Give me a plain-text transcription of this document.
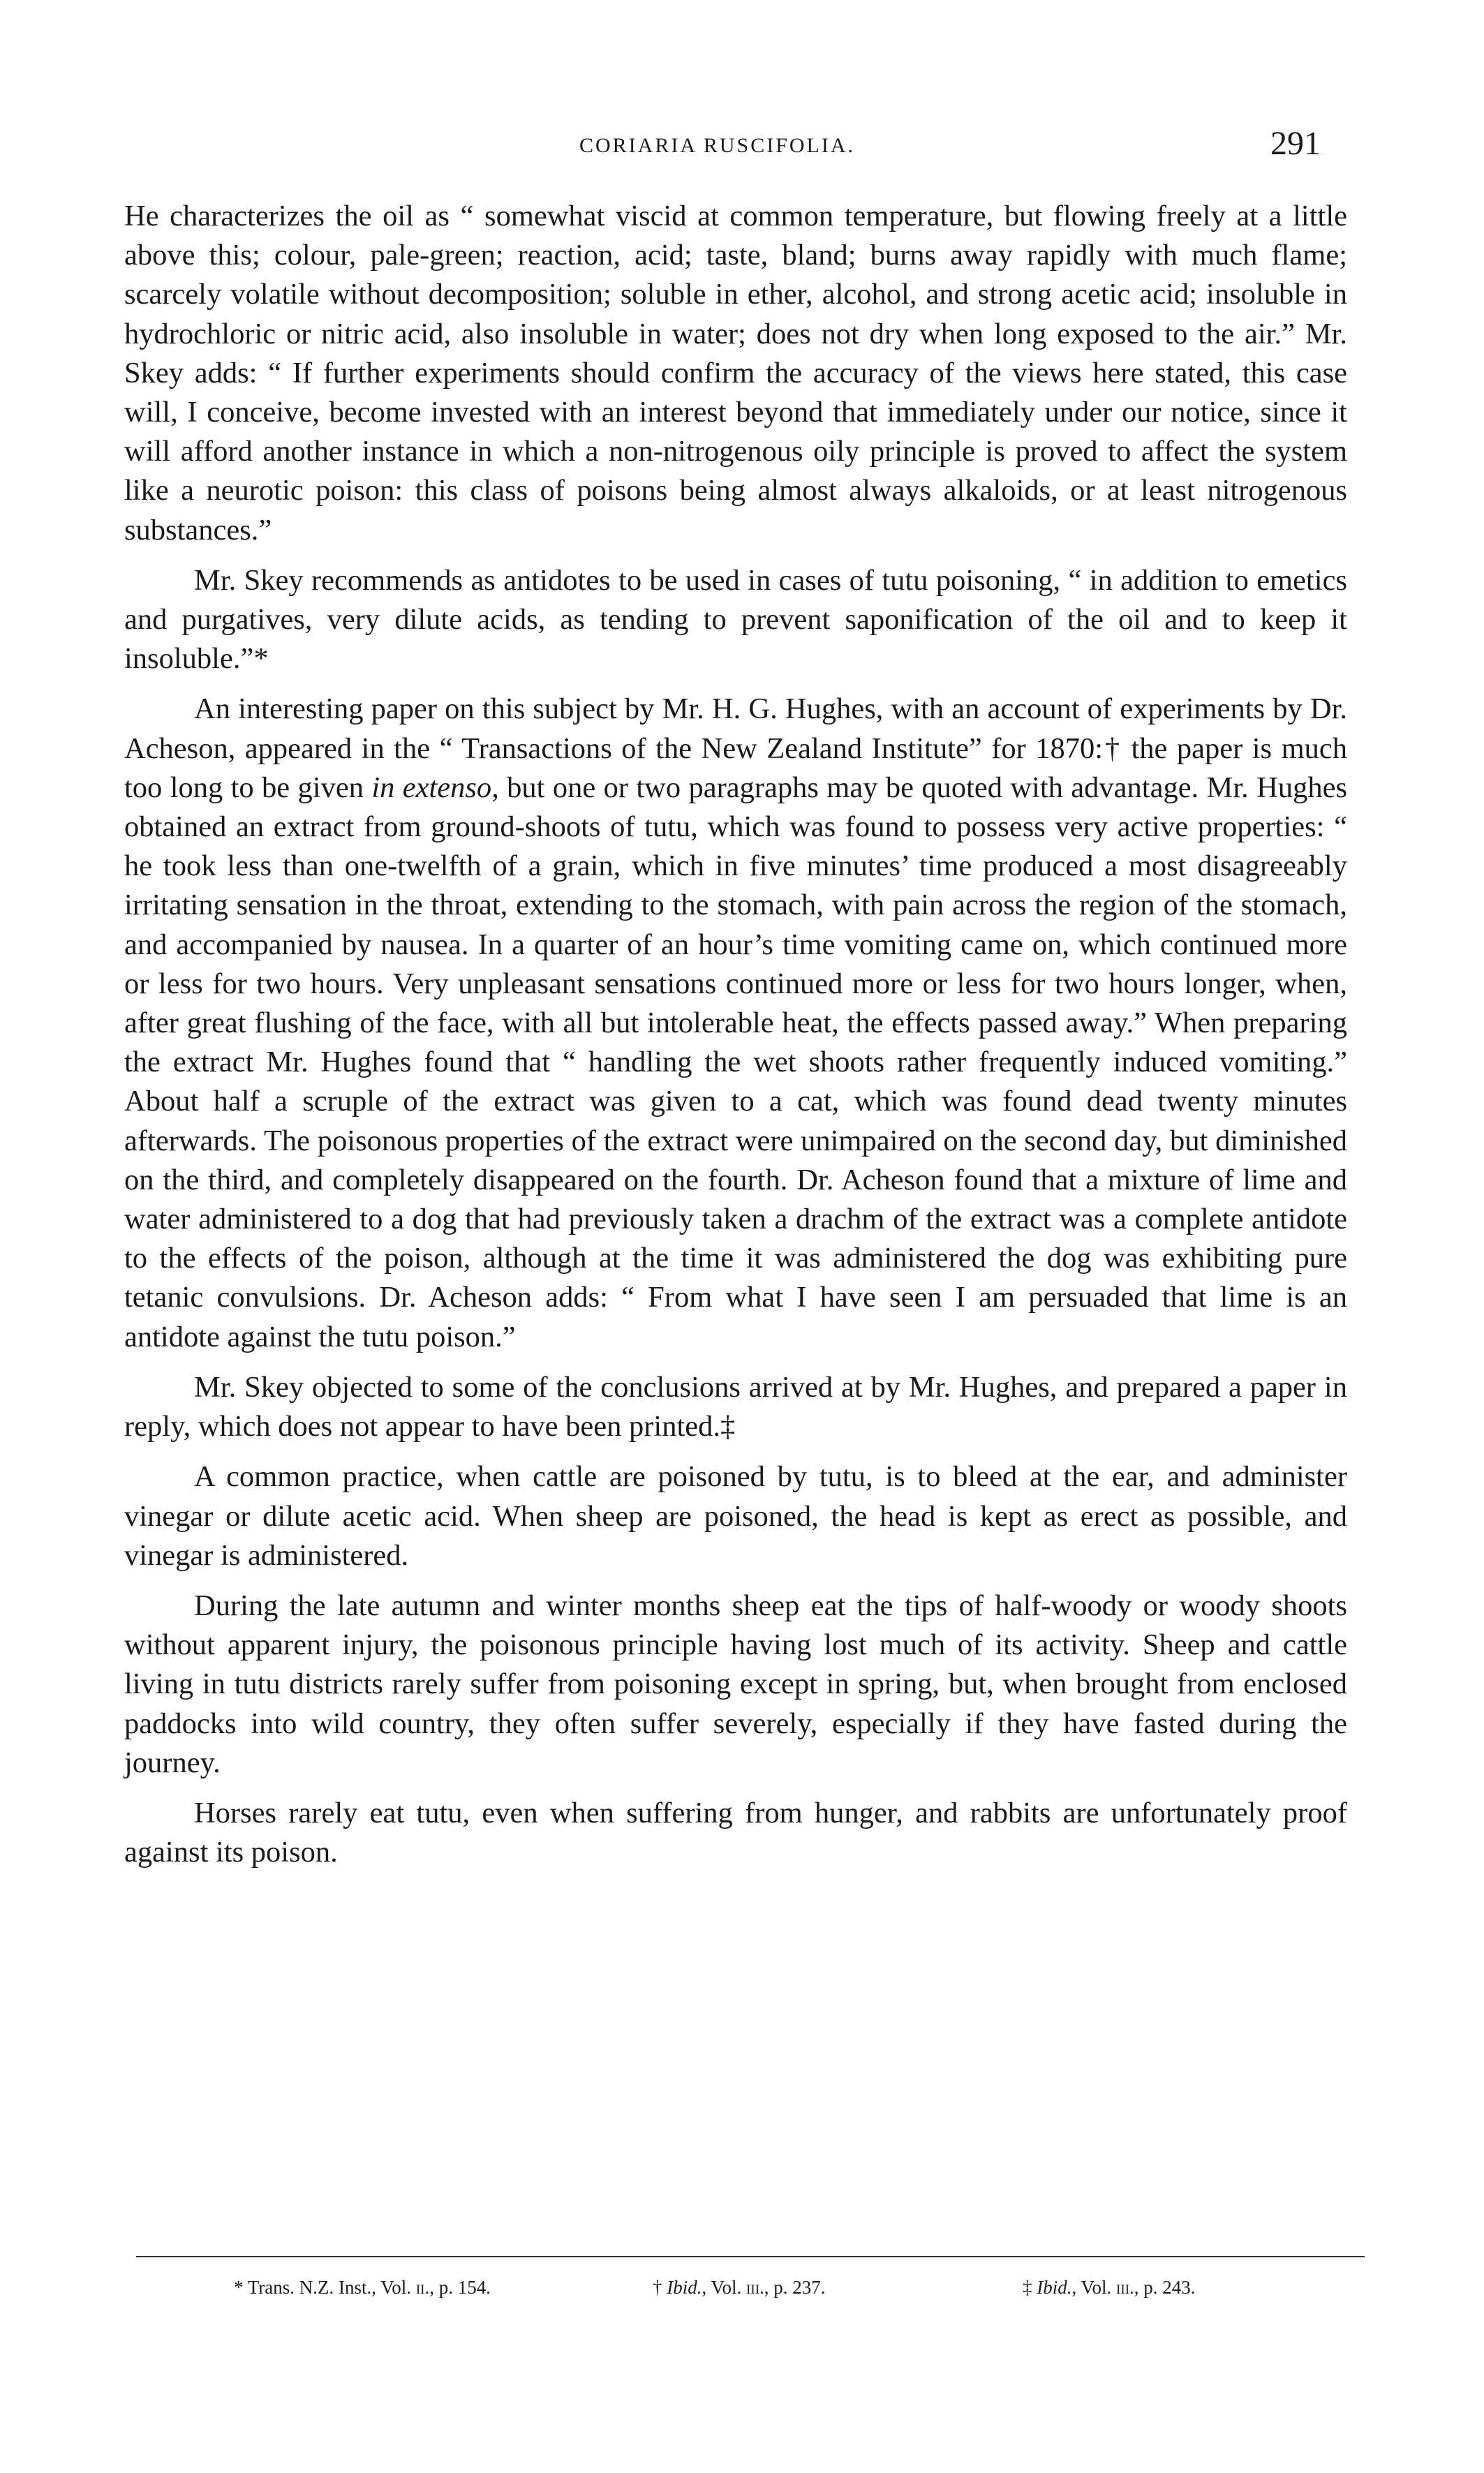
CORIARIA RUSCIFOLIA.	291

He characterizes the oil as “ somewhat viscid at common temperature, but flowing freely at a little above this; colour, pale-green; reaction, acid; taste, bland; burns away rapidly with much flame; scarcely volatile without decomposition; soluble in ether, alcohol, and strong acetic acid; insoluble in hydrochloric or nitric acid, also insoluble in water; does not dry when long exposed to the air.” Mr. Skey adds: “ If further experiments should confirm the accuracy of the views here stated, this case will, I conceive, become invested with an interest beyond that immediately under our notice, since it will afford another instance in which a non-nitrogenous oily principle is proved to affect the system like a neurotic poison: this class of poisons being almost always alkaloids, or at least nitrogenous substances.”

Mr. Skey recommends as antidotes to be used in cases of tutu poisoning, “ in addition to emetics and purgatives, very dilute acids, as tending to prevent saponification of the oil and to keep it insoluble.”*

An interesting paper on this subject by Mr. H. G. Hughes, with an account of experiments by Dr. Acheson, appeared in the “ Transactions of the New Zealand Institute” for 1870:† the paper is much too long to be given in extenso, but one or two paragraphs may be quoted with advantage. Mr. Hughes obtained an extract from ground-shoots of tutu, which was found to possess very active properties: “ he took less than one-twelfth of a grain, which in five minutes’ time produced a most disagreeably irritating sensation in the throat, extending to the stomach, with pain across the region of the stomach, and accompanied by nausea. In a quarter of an hour’s time vomiting came on, which continued more or less for two hours. Very unpleasant sensations continued more or less for two hours longer, when, after great flushing of the face, with all but intolerable heat, the effects passed away.” When preparing the extract Mr. Hughes found that “ handling the wet shoots rather frequently induced vomiting.” About half a scruple of the extract was given to a cat, which was found dead twenty minutes afterwards. The poisonous properties of the extract were unimpaired on the second day, but diminished on the third, and completely disappeared on the fourth. Dr. Acheson found that a mixture of lime and water administered to a dog that had previously taken a drachm of the extract was a complete antidote to the effects of the poison, although at the time it was administered the dog was exhibiting pure tetanic convulsions. Dr. Acheson adds: “ From what I have seen I am persuaded that lime is an antidote against the tutu poison.”

Mr. Skey objected to some of the conclusions arrived at by Mr. Hughes, and prepared a paper in reply, which does not appear to have been printed.‡

A common practice, when cattle are poisoned by tutu, is to bleed at the ear, and administer vinegar or dilute acetic acid. When sheep are poisoned, the head is kept as erect as possible, and vinegar is administered.

During the late autumn and winter months sheep eat the tips of half-woody or woody shoots without apparent injury, the poisonous principle having lost much of its activity. Sheep and cattle living in tutu districts rarely suffer from poisoning except in spring, but, when brought from enclosed paddocks into wild country, they often suffer severely, especially if they have fasted during the journey.

Horses rarely eat tutu, even when suffering from hunger, and rabbits are unfortunately proof against its poison.

* Trans. N.Z. Inst., Vol. ii., p. 154.	† Ibid., Vol. iii., p. 237.	‡ Ibid., Vol. iii., p. 243.
